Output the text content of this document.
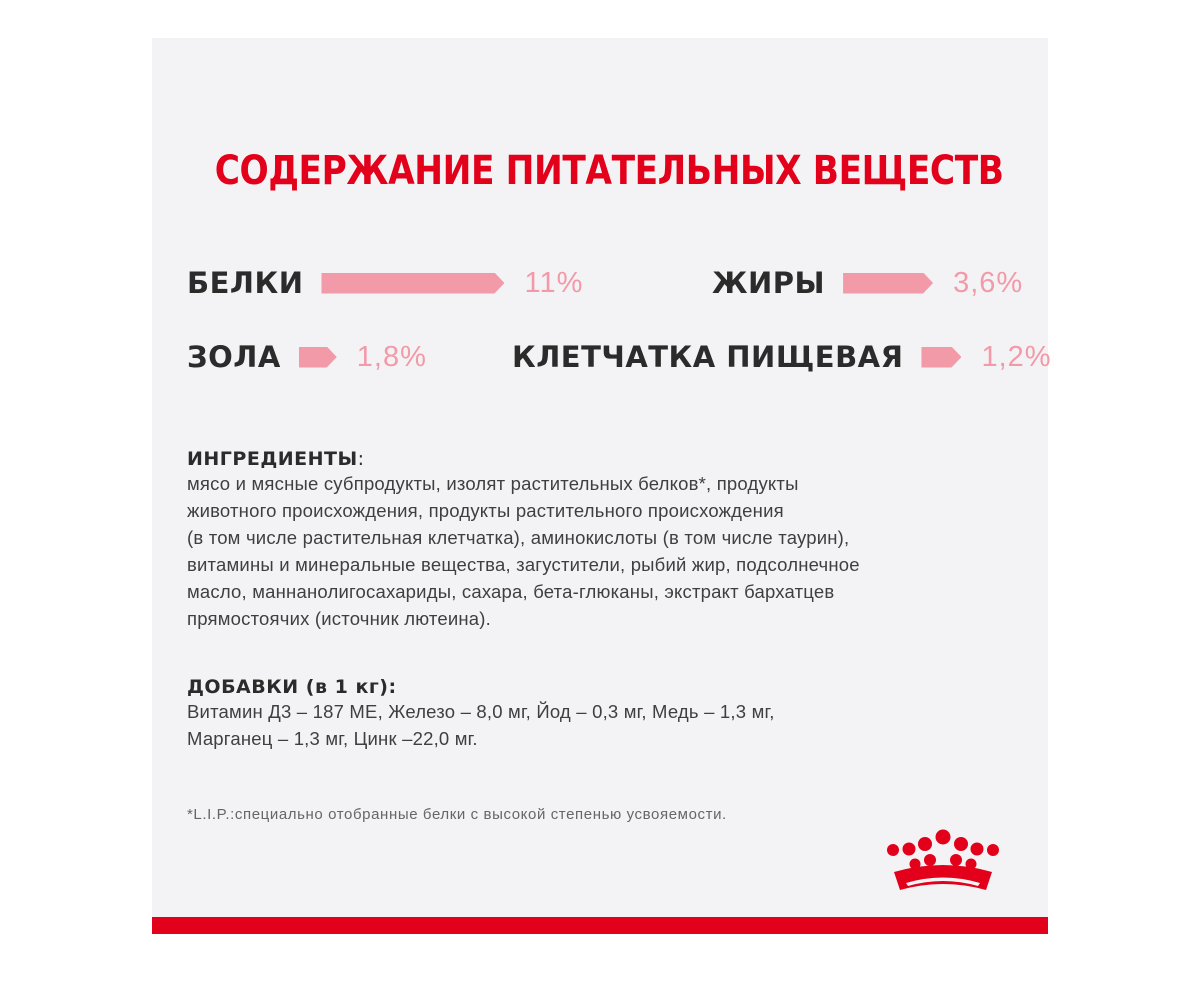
СОДЕРЖАНИЕ ПИТАТЕЛЬНЫХ ВЕЩЕСТВ
БЕЛКИ	11%	ЖИРЫ	3,6%
ЗОЛА	1,8%	КЛЕТЧАТКА ПИЩЕВАЯ	1,2%
ИНГРЕДИЕНТЫ:
мясо и мясные субпродукты, изолят растительных белков*, продукты
животного происхождения, продукты растительного происхождения
(в том числе растительная клетчатка), аминокислоты (в том числе таурин),
витамины и минеральные вещества, загустители, рыбий жир, подсолнечное
масло, маннанолигосахариды, сахара, бета-глюканы, экстракт бархатцев
прямостоячих (источник лютеина).
ДОБАВКИ (в 1 кг):
Витамин Д3 – 187 МЕ, Железо – 8,0 мг, Йод – 0,3 мг, Медь – 1,3 мг,
Марганец – 1,3 мг, Цинк –22,0 мг.
*L.I.P.:специально отобранные белки с высокой степенью усвояемости.
